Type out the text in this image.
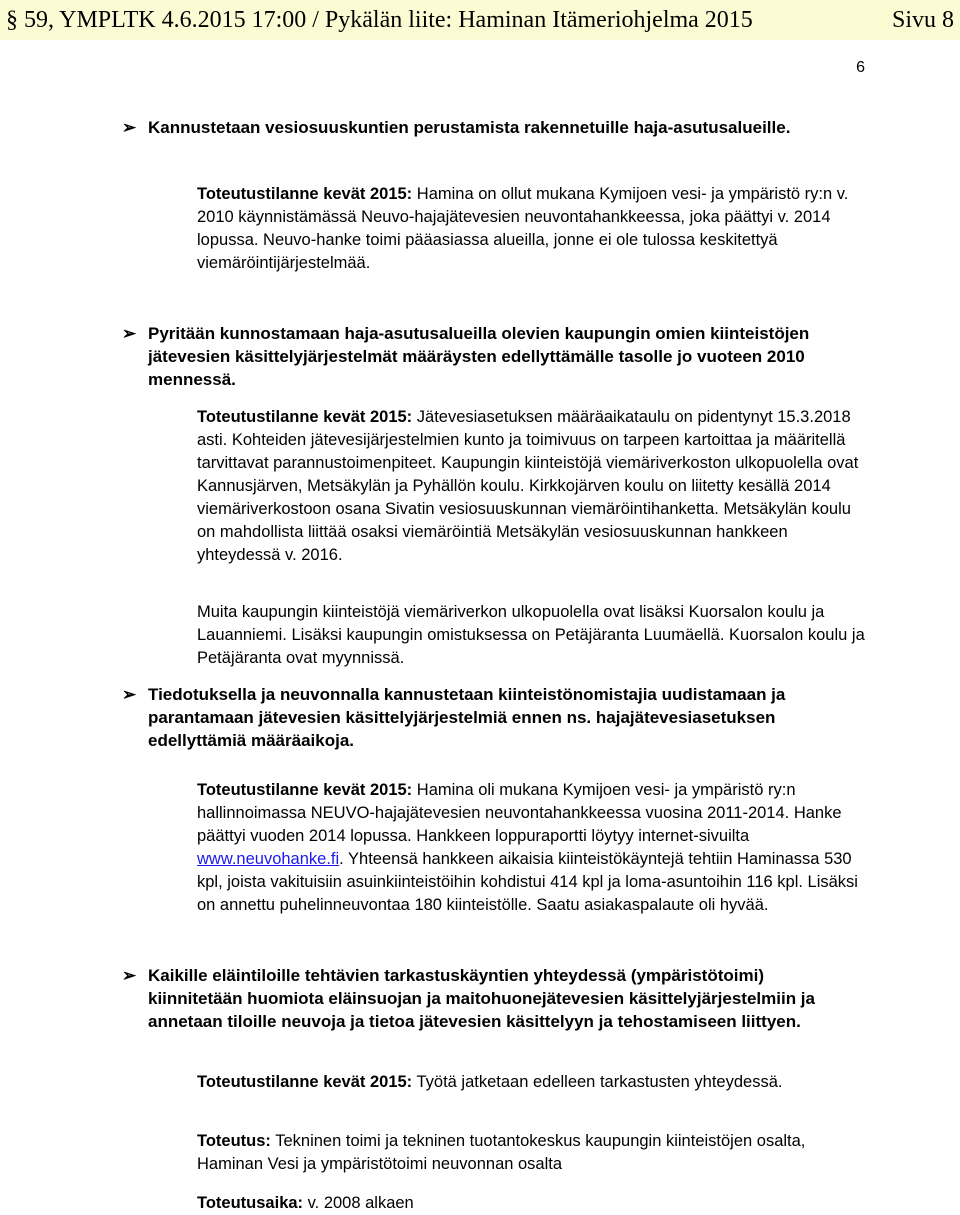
§ 59, YMPLTK 4.6.2015 17:00 / Pykälän liite: Haminan Itämeriohjelma 2015	Sivu 8
6
➢ Kannustetaan vesiosuuskuntien perustamista rakennetuille haja-asutusalueille.
Toteutustilanne kevät 2015: Hamina on ollut mukana Kymijoen vesi- ja ympäristö ry:n v. 2010 käynnistämässä Neuvo-hajajätevesien neuvontahankkeessa, joka päättyi v. 2014 lopussa. Neuvo-hanke toimi pääasiassa alueilla, jonne ei ole tulossa keskitettyä viemäröintijärjestelmää.
➢ Pyritään kunnostamaan haja-asutusalueilla olevien kaupungin omien kiinteistöjen jätevesien käsittelyjärjestelmät määräysten edellyttämälle tasolle jo vuoteen 2010 mennessä.
Toteutustilanne kevät 2015: Jätevesiasetuksen määräaikataulu on pidentynyt 15.3.2018 asti. Kohteiden jätevesijärjestelmien kunto ja toimivuus on tarpeen kartoittaa ja määritellä tarvittavat parannustoimenpiteet. Kaupungin kiinteistöjä viemäriverkoston ulkopuolella ovat Kannusjärven, Metsäkylän ja Pyhällön koulu. Kirkkojärven koulu on liitetty kesällä 2014 viemäriverkostoon osana Sivatin vesiosuuskunnan viemäröintihanketta. Metsäkylän koulu on mahdollista liittää osaksi viemäröintiä Metsäkylän vesiosuuskunnan hankkeen yhteydessä v. 2016.
Muita kaupungin kiinteistöjä viemäriverkon ulkopuolella ovat lisäksi Kuorsalon koulu ja Lauanniemi. Lisäksi kaupungin omistuksessa on Petäjäranta Luumäellä. Kuorsalon koulu ja Petäjäranta ovat myynnissä.
➢ Tiedotuksella ja neuvonnalla kannustetaan kiinteistönomistajia uudistamaan ja parantamaan jätevesien käsittelyjärjestelmiä ennen ns. hajajätevesiasetuksen edellyttämiä määräaikoja.
Toteutustilanne kevät 2015: Hamina oli mukana Kymijoen vesi- ja ympäristö ry:n hallinnoimassa NEUVO-hajajätevesien neuvontahankkeessa vuosina 2011-2014. Hanke päättyi vuoden 2014 lopussa. Hankkeen loppuraportti löytyy internet-sivuilta www.neuvohanke.fi. Yhteensä hankkeen aikaisia kiinteistökäyntejä tehtiin Haminassa 530 kpl, joista vakituisiin asuinkiinteistöihin kohdistui 414 kpl ja loma-asuntoihin 116 kpl. Lisäksi on annettu puhelinneuvontaa 180 kiinteistölle. Saatu asiakaspalaute oli hyvää.
➢ Kaikille eläintiloille tehtävien tarkastuskäyntien yhteydessä (ympäristötoimi) kiinnitetään huomiota eläinsuojan ja maitohuonejätevesien käsittelyjärjestelmiin ja annetaan tiloille neuvoja ja tietoa jätevesien käsittelyyn ja tehostamiseen liittyen.
Toteutustilanne kevät 2015: Työtä jatketaan edelleen tarkastusten yhteydessä.
Toteutus: Tekninen toimi ja tekninen tuotantokeskus kaupungin kiinteistöjen osalta, Haminan Vesi ja ympäristötoimi neuvonnan osalta
Toteutusaika: v. 2008 alkaen
